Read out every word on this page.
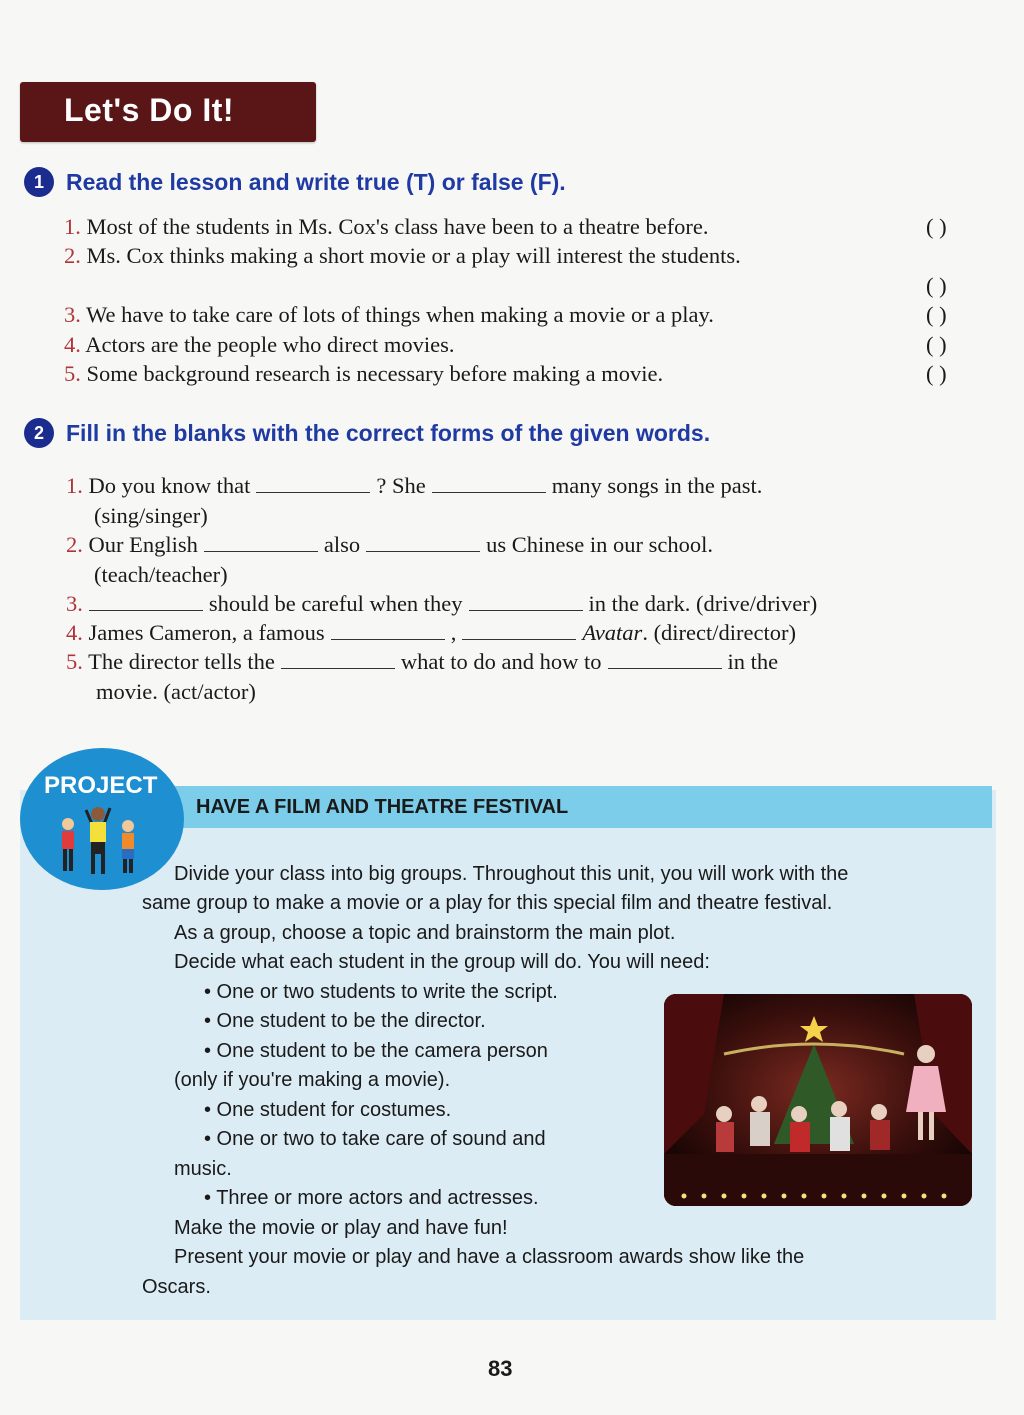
Let's Do It!
1 Read the lesson and write true (T) or false (F).
1. Most of the students in Ms. Cox's class have been to a theatre before.	( )
2. Ms. Cox thinks making a short movie or a play will interest the students.
( )
3. We have to take care of lots of things when making a movie or a play.	( )
4. Actors are the people who direct movies.	( )
5. Some background research is necessary before making a movie.	( )
2 Fill in the blanks with the correct forms of the given words.
1. Do you know that	? She	many songs in the past.
(sing/singer)
2. Our English	also	us Chinese in our school.
(teach/teacher)
3.	should be careful when they	in the dark. (drive/driver)
4. James Cameron, a famous	,	Avatar. (direct/director)
5. The director tells the	what to do and how to	in the
movie. (act/actor)
HAVE A FILM AND THEATRE FESTIVAL
PROJECT
Divide your class into big groups. Throughout this unit, you will work with the
same group to make a movie or a play for this special film and theatre festival.
As a group, choose a topic and brainstorm the main plot.
Decide what each student in the group will do. You will need:
• One or two students to write the script.
• One student to be the director.
• One student to be the camera person
(only if you're making a movie).
• One student for costumes.
• One or two to take care of sound and
music.
• Three or more actors and actresses.
Make the movie or play and have fun!
Present your movie or play and have a classroom awards show like the
Oscars.
83
